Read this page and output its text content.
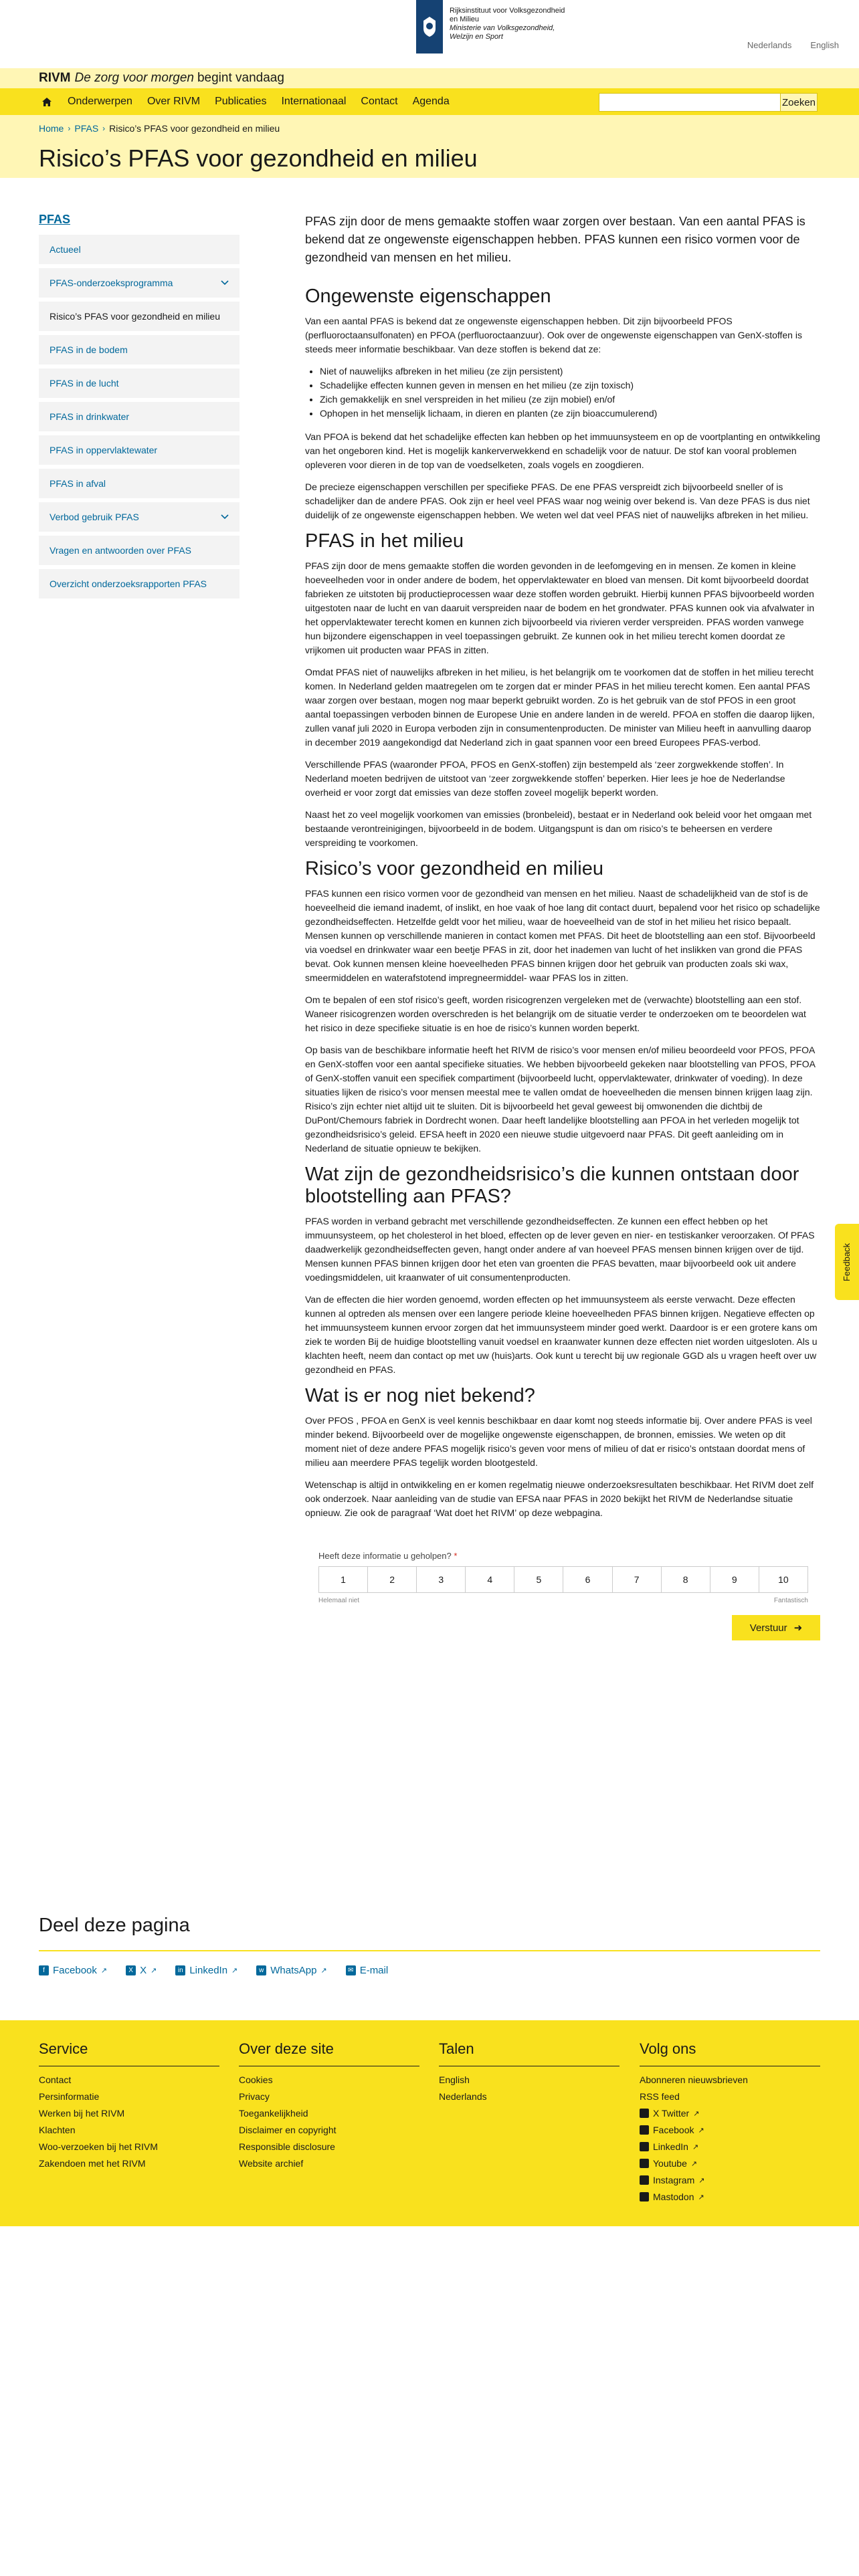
Rijksinstituut voor Volksgezondheid
en Milieu
Ministerie van Volksgezondheid,
Welzijn en Sport
Nederlands English
RIVM De zorg voor morgen begint vandaag
Onderwerpen	Over RIVM	Publicaties	Internationaal	Contact	Agenda	Zoeken
Home › PFAS › Risico’s PFAS voor gezondheid en milieu
Risico’s PFAS voor gezondheid en milieu
PFAS
Actueel
PFAS-onderzoeksprogramma
Risico’s PFAS voor gezondheid en milieu
PFAS in de bodem
PFAS in de lucht
PFAS in drinkwater
PFAS in oppervlaktewater
PFAS in afval
Verbod gebruik PFAS
Vragen en antwoorden over PFAS
Overzicht onderzoeksrapporten PFAS

PFAS zijn door de mens gemaakte stoffen waar zorgen over bestaan. Van een aantal PFAS is bekend dat ze ongewenste eigenschappen hebben. PFAS kunnen een risico vormen voor de gezondheid van mensen en het milieu.

Ongewenste eigenschappen

Van een aantal PFAS is bekend dat ze ongewenste eigenschappen hebben. Dit zijn bijvoorbeeld PFOS (perfluoroctaansulfonaten) en PFOA (perfluoroctaanzuur). Ook over de ongewenste eigenschappen van GenX-stoffen is steeds meer informatie beschikbaar. Van deze stoffen is bekend dat ze:

• Niet of nauwelijks afbreken in het milieu (ze zijn persistent)
• Schadelijke effecten kunnen geven in mensen en het milieu (ze zijn toxisch)
• Zich gemakkelijk en snel verspreiden in het milieu (ze zijn mobiel) en/of
• Ophopen in het menselijk lichaam, in dieren en planten (ze zijn bioaccumulerend)

Van PFOA is bekend dat het schadelijke effecten kan hebben op het immuunsysteem en op de voortplanting en ontwikkeling van het ongeboren kind. Het is mogelijk kankerverwekkend en schadelijk voor de natuur. De stof kan vooral problemen opleveren voor dieren in de top van de voedselketen, zoals vogels en zoogdieren.

De precieze eigenschappen verschillen per specifieke PFAS. De ene PFAS verspreidt zich bijvoorbeeld sneller of is schadelijker dan de andere PFAS. Ook zijn er heel veel PFAS waar nog weinig over bekend is. Van deze PFAS is dus niet duidelijk of ze ongewenste eigenschappen hebben. We weten wel dat veel PFAS niet of nauwelijks afbreken in het milieu.

PFAS in het milieu

PFAS zijn door de mens gemaakte stoffen die worden gevonden in de leefomgeving en in mensen. Ze komen in kleine hoeveelheden voor in onder andere de bodem, het oppervlaktewater en bloed van mensen. Dit komt bijvoorbeeld doordat fabrieken ze uitstoten bij productieprocessen waar deze stoffen worden gebruikt. Hierbij kunnen PFAS bijvoorbeeld worden uitgestoten naar de lucht en van daaruit verspreiden naar de bodem en het grondwater. PFAS kunnen ook via afvalwater in het oppervlaktewater terecht komen en kunnen zich bijvoorbeeld via rivieren verder verspreiden. PFAS worden vanwege hun bijzondere eigenschappen in veel toepassingen gebruikt. Ze kunnen ook in het milieu terecht komen doordat ze vrijkomen uit producten waar PFAS in zitten.

Omdat PFAS niet of nauwelijks afbreken in het milieu, is het belangrijk om te voorkomen dat de stoffen in het milieu terecht komen. In Nederland gelden maatregelen om te zorgen dat er minder PFAS in het milieu terecht komen. Een aantal PFAS waar zorgen over bestaan, mogen nog maar beperkt gebruikt worden. Zo is het gebruik van de stof PFOS in een groot aantal toepassingen verboden binnen de Europese Unie en andere landen in de wereld. PFOA en stoffen die daarop lijken, zullen vanaf juli 2020 in Europa verboden zijn in consumentenproducten. De minister van Milieu heeft in aanvulling daarop in december 2019 aangekondigd dat Nederland zich in gaat spannen voor een breed Europees PFAS-verbod.

Verschillende PFAS (waaronder PFOA, PFOS en GenX-stoffen) zijn bestempeld als ‘zeer zorgwekkende stoffen’. In Nederland moeten bedrijven de uitstoot van ‘zeer zorgwekkende stoffen’ beperken. Hier lees je hoe de Nederlandse overheid er voor zorgt dat emissies van deze stoffen zoveel mogelijk beperkt worden.

Naast het zo veel mogelijk voorkomen van emissies (bronbeleid), bestaat er in Nederland ook beleid voor het omgaan met bestaande verontreinigingen, bijvoorbeeld in de bodem. Uitgangspunt is dan om risico’s te beheersen en verdere verspreiding te voorkomen.

Risico’s voor gezondheid en milieu

PFAS kunnen een risico vormen voor de gezondheid van mensen en het milieu. Naast de schadelijkheid van de stof is de hoeveelheid die iemand inademt, of inslikt, en hoe vaak of hoe lang dit contact duurt, bepalend voor het risico op schadelijke gezondheidseffecten. Hetzelfde geldt voor het milieu, waar de hoeveelheid van de stof in het milieu het risico bepaalt. Mensen kunnen op verschillende manieren in contact komen met PFAS. Dit heet de blootstelling aan een stof. Bijvoorbeeld via voedsel en drinkwater waar een beetje PFAS in zit, door het inademen van lucht of het inslikken van grond die PFAS bevat. Ook kunnen mensen kleine hoeveelheden PFAS binnen krijgen door het gebruik van producten zoals ski wax, smeermiddelen en waterafstotend impregneermiddel- waar PFAS los in zitten.

Om te bepalen of een stof risico’s geeft, worden risicogrenzen vergeleken met de (verwachte) blootstelling aan een stof. Waneer risicogrenzen worden overschreden is het belangrijk om de situatie verder te onderzoeken om te beoordelen wat het risico in deze specifieke situatie is en hoe de risico’s kunnen worden beperkt.

Op basis van de beschikbare informatie heeft het RIVM de risico’s voor mensen en/of milieu beoordeeld voor PFOS, PFOA en GenX-stoffen voor een aantal specifieke situaties. We hebben bijvoorbeeld gekeken naar blootstelling van PFOS, PFOA of GenX-stoffen vanuit een specifiek compartiment (bijvoorbeeld lucht, oppervlaktewater, drinkwater of voeding). In deze situaties lijken de risico’s voor mensen meestal mee te vallen omdat de hoeveelheden die mensen binnen krijgen laag zijn. Risico’s zijn echter niet altijd uit te sluiten. Dit is bijvoorbeeld het geval geweest bij omwonenden die dichtbij de DuPont/Chemours fabriek in Dordrecht wonen. Daar heeft landelijke blootstelling aan PFOA in het verleden mogelijk tot gezondheidsrisico’s geleid. EFSA heeft in 2020 een nieuwe studie uitgevoerd naar PFAS. Dit geeft aanleiding om in Nederland de situatie opnieuw te bekijken.

Wat zijn de gezondheidsrisico’s die kunnen ontstaan door blootstelling aan PFAS?

PFAS worden in verband gebracht met verschillende gezondheidseffecten. Ze kunnen een effect hebben op het immuunsysteem, op het cholesterol in het bloed, effecten op de lever geven en nier- en testiskanker veroorzaken. Of PFAS daadwerkelijk gezondheidseffecten geven, hangt onder andere af van hoeveel PFAS mensen binnen krijgen over de tijd. Mensen kunnen PFAS binnen krijgen door het eten van groenten die PFAS bevatten, maar bijvoorbeeld ook uit andere voedingsmiddelen, uit kraanwater of uit consumentenproducten.

Van de effecten die hier worden genoemd, worden effecten op het immuunsysteem als eerste verwacht. Deze effecten kunnen al optreden als mensen over een langere periode kleine hoeveelheden PFAS binnen krijgen. Negatieve effecten op het immuunsysteem kunnen ervoor zorgen dat het immuunsysteem minder goed werkt. Daardoor is er een grotere kans om ziek te worden Bij de huidige blootstelling vanuit voedsel en kraanwater kunnen deze effecten niet worden uitgesloten. Als u klachten heeft, neem dan contact op met uw (huis)arts. Ook kunt u terecht bij uw regionale GGD als u vragen heeft over uw gezondheid en PFAS.

Wat is er nog niet bekend?

Over PFOS , PFOA en GenX is veel kennis beschikbaar en daar komt nog steeds informatie bij. Over andere PFAS is veel minder bekend. Bijvoorbeeld over de mogelijke ongewenste eigenschappen, de bronnen, emissies. We weten op dit moment niet of deze andere PFAS mogelijk risico’s geven voor mens of milieu of dat er risico’s ontstaan doordat mens of milieu aan meerdere PFAS tegelijk worden blootgesteld.

Wetenschap is altijd in ontwikkeling en er komen regelmatig nieuwe onderzoeksresultaten beschikbaar. Het RIVM doet zelf ook onderzoek. Naar aanleiding van de studie van EFSA naar PFAS in 2020 bekijkt het RIVM de Nederlandse situatie opnieuw. Zie ook de paragraaf ‘Wat doet het RIVM’ op deze webpagina.

Heeft deze informatie u geholpen? *
1	2	3	4	5	6	7	8	9	10
Helemaal niet	Fantastisch
Verstuur ➜
Feedback
Deel deze pagina
f Facebook ↗	X X ↗	in LinkedIn ↗	w WhatsApp ↗	✉ E-mail
Service
Contact
Persinformatie
Werken bij het RIVM
Klachten
Woo-verzoeken bij het RIVM
Zakendoen met het RIVM
Over deze site
Cookies
Privacy
Toegankelijkheid
Disclaimer en copyright
Responsible disclosure
Website archief
Talen
English
Nederlands
Volg ons
Abonneren nieuwsbrieven
RSS feed
X Twitter ↗
Facebook ↗
LinkedIn ↗
Youtube ↗
Instagram ↗
Mastodon ↗
